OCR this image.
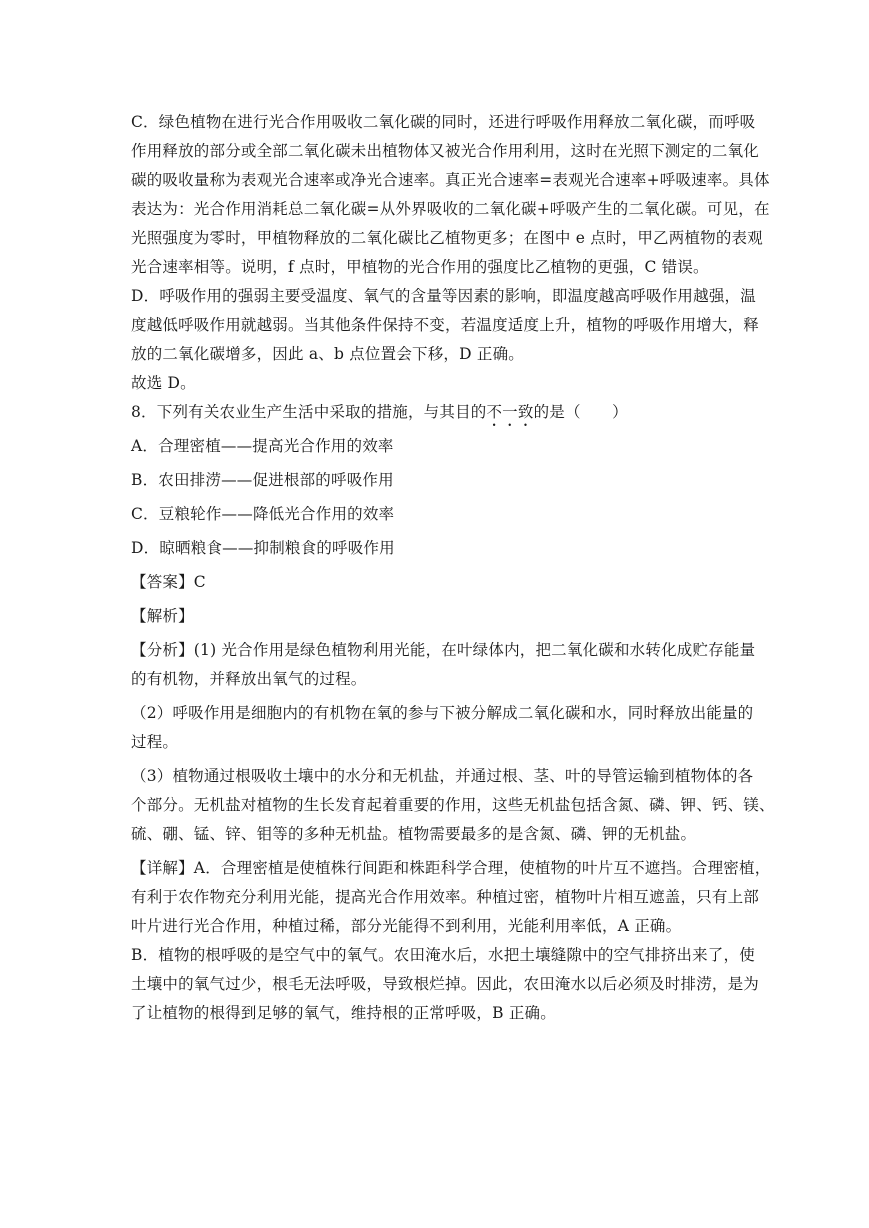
C．绿色植物在进行光合作用吸收二氧化碳的同时，还进行呼吸作用释放二氧化碳，而呼吸
作用释放的部分或全部二氧化碳未出植物体又被光合作用利用，这时在光照下测定的二氧化
碳的吸收量称为表观光合速率或净光合速率。真正光合速率=表观光合速率+呼吸速率。具体
表达为：光合作用消耗总二氧化碳=从外界吸收的二氧化碳+呼吸产生的二氧化碳。可见，在
光照强度为零时，甲植物释放的二氧化碳比乙植物更多；在图中 e 点时，甲乙两植物的表观
光合速率相等。说明，f 点时，甲植物的光合作用的强度比乙植物的更强，C 错误。
D．呼吸作用的强弱主要受温度、氧气的含量等因素的影响，即温度越高呼吸作用越强，温
度越低呼吸作用就越弱。当其他条件保持不变，若温度适度上升，植物的呼吸作用增大，释
放的二氧化碳增多，因此 a、b 点位置会下移，D 正确。
故选 D。
8．下列有关农业生产生活中采取的措施，与其目的不一致的是（　　）
A．合理密植——提高光合作用的效率
B．农田排涝——促进根部的呼吸作用
C．豆粮轮作——降低光合作用的效率
D．晾晒粮食——抑制粮食的呼吸作用
【答案】C
【解析】
【分析】(1) 光合作用是绿色植物利用光能，在叶绿体内，把二氧化碳和水转化成贮存能量
的有机物，并释放出氧气的过程。
（2）呼吸作用是细胞内的有机物在氧的参与下被分解成二氧化碳和水，同时释放出能量的
过程。
（3）植物通过根吸收土壤中的水分和无机盐，并通过根、茎、叶的导管运输到植物体的各
个部分。无机盐对植物的生长发育起着重要的作用，这些无机盐包括含氮、磷、钾、钙、镁、
硫、硼、锰、锌、钼等的多种无机盐。植物需要最多的是含氮、磷、钾的无机盐。
【详解】A．合理密植是使植株行间距和株距科学合理，使植物的叶片互不遮挡。合理密植，
有利于农作物充分利用光能，提高光合作用效率。种植过密，植物叶片相互遮盖，只有上部
叶片进行光合作用，种植过稀，部分光能得不到利用，光能利用率低，A 正确。
B．植物的根呼吸的是空气中的氧气。农田淹水后，水把土壤缝隙中的空气排挤出来了，使
土壤中的氧气过少，根毛无法呼吸，导致根烂掉。因此，农田淹水以后必须及时排涝，是为
了让植物的根得到足够的氧气，维持根的正常呼吸，B 正确。
